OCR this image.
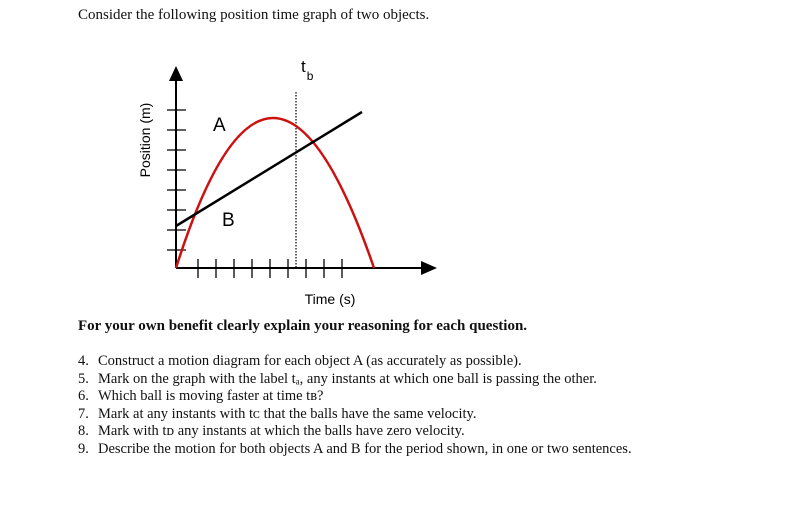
Consider the following position time graph of two objects.
$t_b$
A
B
Position (m)
Time (s)
For your own benefit clearly explain your reasoning for each question.
4. Construct a motion diagram for each object A (as accurately as possible).
5. Mark on the graph with the label tₐ, any instants at which one ball is passing the other.
6. Which ball is moving faster at time tʙ?
7. Mark at any instants with tᴄ that the balls have the same velocity.
8. Mark with tᴅ any instants at which the balls have zero velocity.
9. Describe the motion for both objects A and B for the period shown, in one or two sentences.
